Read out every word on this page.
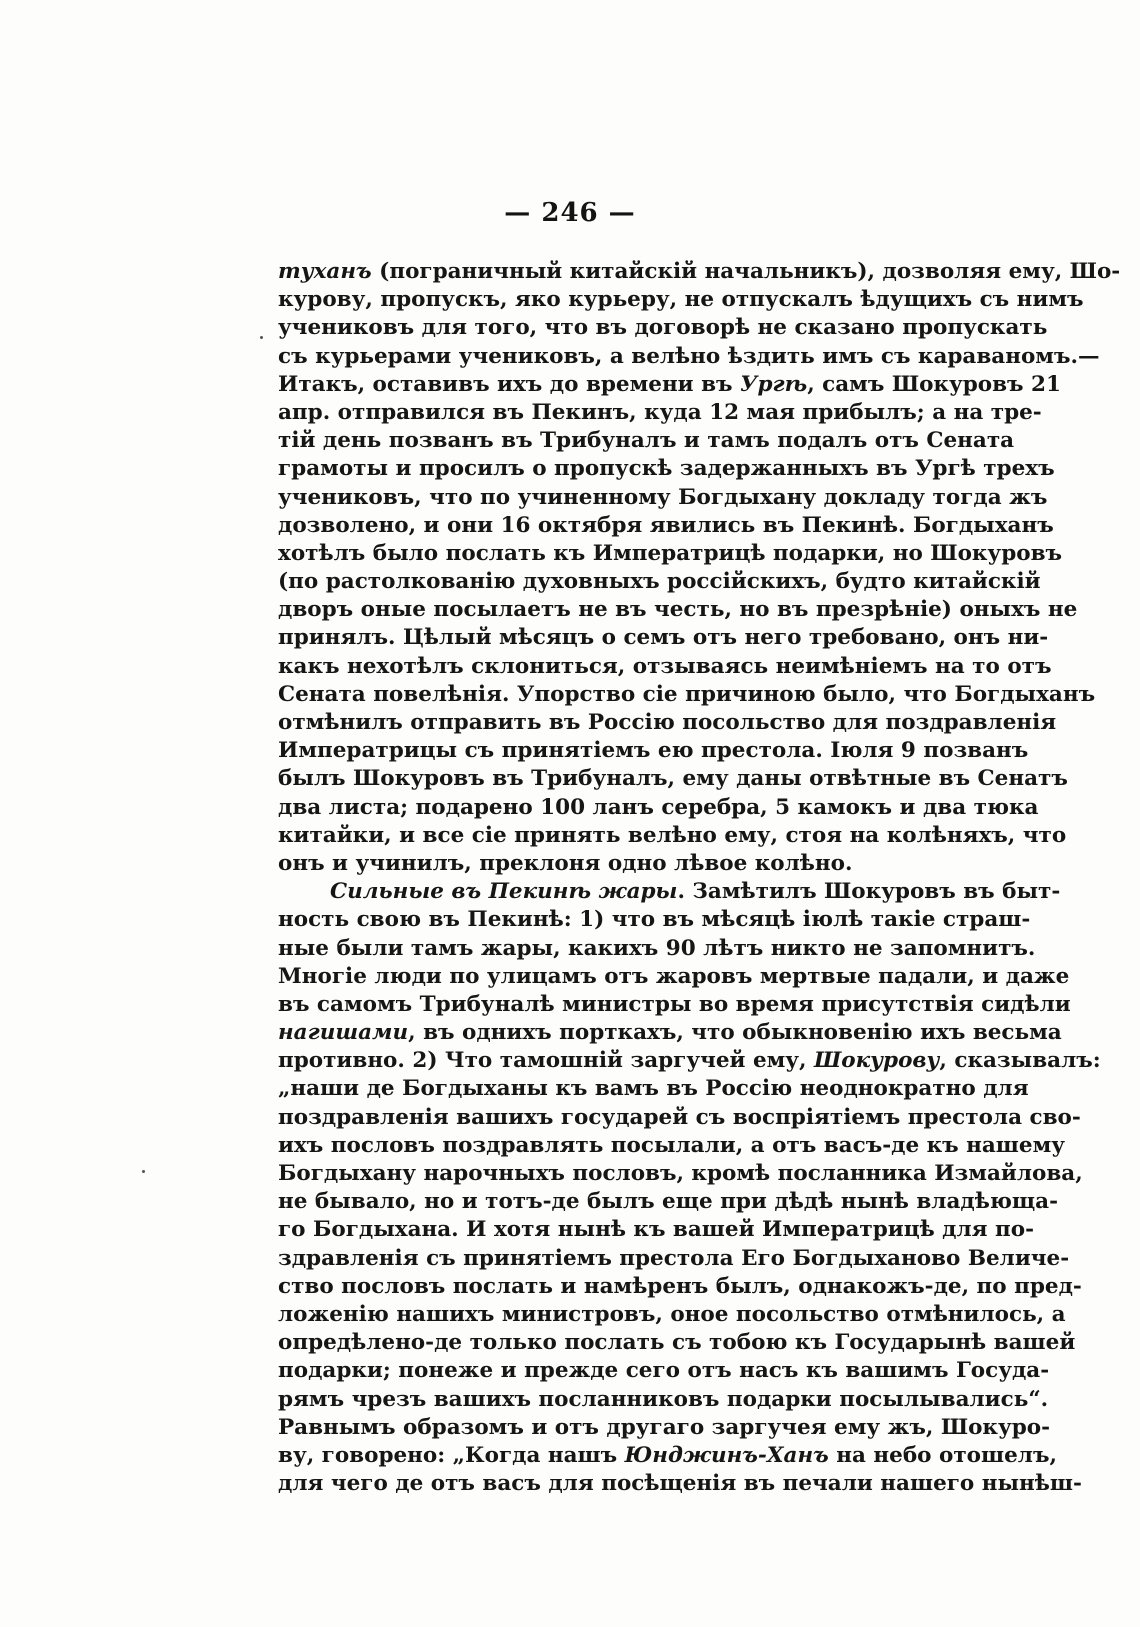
— 246 —
туханъ (пограничный китайскій начальникъ), дозволяя ему, Шо-
курову, пропускъ, яко курьеру, не отпускалъ ѣдущихъ съ нимъ
учениковъ для того, что въ договорѣ не сказано пропускать
съ курьерами учениковъ, а велѣно ѣздить имъ съ караваномъ.—
Итакъ, оставивъ ихъ до времени въ Ургѣ, самъ Шокуровъ 21
апр. отправился въ Пекинъ, куда 12 мая прибылъ; а на тре-
тій день позванъ въ Трибуналъ и тамъ подалъ отъ Сената
грамоты и просилъ о пропускѣ задержанныхъ въ Ургѣ трехъ
учениковъ, что по учиненному Богдыхану докладу тогда жъ
дозволено, и они 16 октября явились въ Пекинѣ. Богдыханъ
хотѣлъ было послать къ Императрицѣ подарки, но Шокуровъ
(по растолкованію духовныхъ россійскихъ, будто китайскій
дворъ оные посылаетъ не въ честь, но въ презрѣніе) оныхъ не
принялъ. Цѣлый мѣсяцъ о семъ отъ него требовано, онъ ни-
какъ нехотѣлъ склониться, отзываясь неимѣніемъ на то отъ
Сената повелѣнія. Упорство сіе причиною было, что Богдыханъ
отмѣнилъ отправить въ Россію посольство для поздравленія
Императрицы съ принятіемъ ею престола. Іюля 9 позванъ
былъ Шокуровъ въ Трибуналъ, ему даны отвѣтные въ Сенатъ
два листа; подарено 100 ланъ серебра, 5 камокъ и два тюка
китайки, и все сіе принять велѣно ему, стоя на колѣняхъ, что
онъ и учинилъ, преклоня одно лѣвое колѣно.
Сильные въ Пекинѣ жары. Замѣтилъ Шокуровъ въ быт-
ность свою въ Пекинѣ: 1) что въ мѣсяцѣ іюлѣ такіе страш-
ные были тамъ жары, какихъ 90 лѣтъ никто не запомнитъ.
Многіе люди по улицамъ отъ жаровъ мертвые падали, и даже
въ самомъ Трибуналѣ министры во время присутствія сидѣли
нагишами, въ однихъ порткахъ, что обыкновенію ихъ весьма
противно. 2) Что тамошній заргучей ему, Шокурову, сказывалъ:
„наши де Богдыханы къ вамъ въ Россію неоднократно для
поздравленія вашихъ государей съ воспріятіемъ престола сво-
ихъ пословъ поздравлять посылали, а отъ васъ-де къ нашему
Богдыхану нарочныхъ пословъ, кромѣ посланника Измайлова,
не бывало, но и тотъ-де былъ еще при дѣдѣ нынѣ владѣюща-
го Богдыхана. И хотя нынѣ къ вашей Императрицѣ для по-
здравленія съ принятіемъ престола Его Богдыханово Величе-
ство пословъ послать и намѣренъ былъ, однакожъ-де, по пред-
ложенію нашихъ министровъ, оное посольство отмѣнилось, а
опредѣлено-де только послать съ тобою къ Государынѣ вашей
подарки; понеже и прежде сего отъ насъ къ вашимъ Госуда-
рямъ чрезъ вашихъ посланниковъ подарки посылывались“.
Равнымъ образомъ и отъ другаго заргучея ему жъ, Шокуро-
ву, говорено: „Когда нашъ Юнджинъ-Ханъ на небо отошелъ,
для чего де отъ васъ для посѣщенія въ печали нашего нынѣш-
